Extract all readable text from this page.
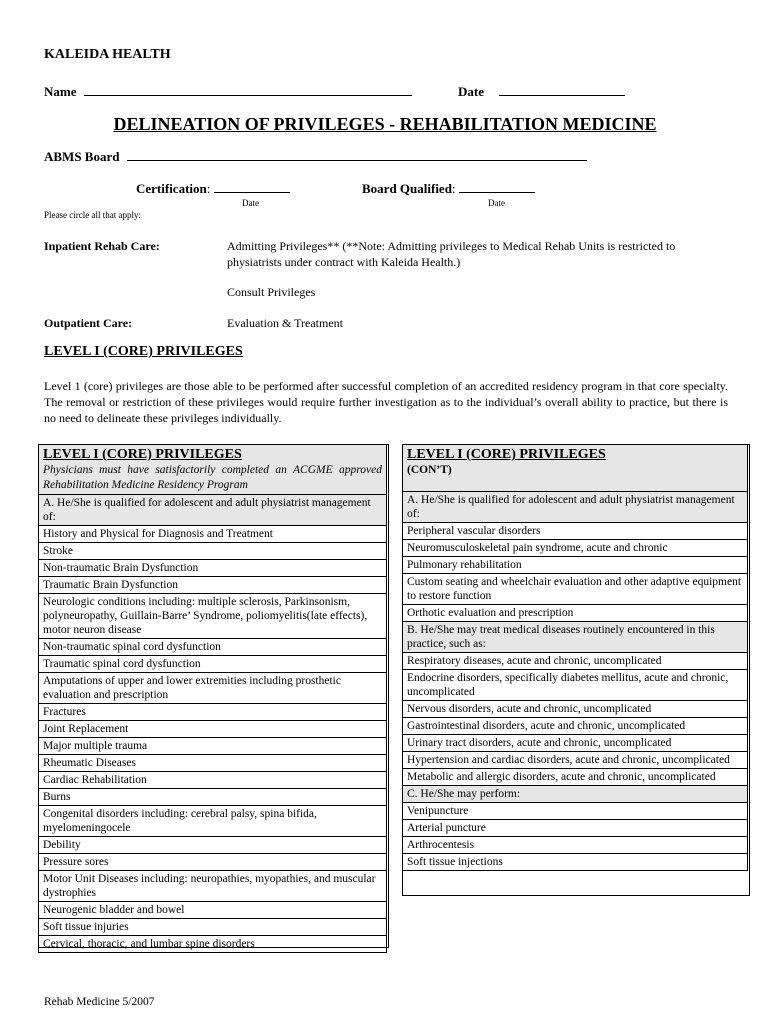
KALEIDA HEALTH
Name	Date
DELINEATION OF PRIVILEGES - REHABILITATION MEDICINE
ABMS Board
Certification:
Date
Board Qualified:
Date
Please circle all that apply:
Inpatient Rehab Care:	Admitting Privileges** (**Note: Admitting privileges to Medical Rehab Units is restricted to
physiatrists under contract with Kaleida Health.)
Consult Privileges
Outpatient Care:	Evaluation & Treatment
LEVEL I (CORE) PRIVILEGES
Level 1 (core) privileges are those able to be performed after successful completion of an accredited residency program in that core specialty. The removal or restriction of these privileges would require further investigation as to the individual’s overall ability to practice, but there is no need to delineate these privileges individually.
LEVEL I (CORE) PRIVILEGES
Physicians must have satisfactorily completed an ACGME approved Rehabilitation Medicine Residency Program

A. He/She is qualified for adolescent and adult physiatrist management of:
History and Physical for Diagnosis and Treatment
Stroke
Non-traumatic Brain Dysfunction
Traumatic Brain Dysfunction
Neurologic conditions including: multiple sclerosis, Parkinsonism, polyneuropathy, Guillain-Barre’ Syndrome, poliomyelitis(late effects), motor neuron disease
Non-traumatic spinal cord dysfunction
Traumatic spinal cord dysfunction
Amputations of upper and lower extremities including prosthetic evaluation and prescription
Fractures
Joint Replacement
Major multiple trauma
Rheumatic Diseases
Cardiac Rehabilitation
Burns
Congenital disorders including: cerebral palsy, spina bifida, myelomeningocele
Debility
Pressure sores
Motor Unit Diseases including: neuropathies, myopathies, and muscular dystrophies
Neurogenic bladder and bowel
Soft tissue injuries
Cervical, thoracic, and lumbar spine disorders
LEVEL I (CORE) PRIVILEGES
(CON’T)

A. He/She is qualified for adolescent and adult physiatrist management of:
Peripheral vascular disorders
Neuromusculoskeletal pain syndrome, acute and chronic
Pulmonary rehabilitation
Custom seating and wheelchair evaluation and other adaptive equipment to restore function
Orthotic evaluation and prescription
B. He/She may treat medical diseases routinely encountered in this practice, such as:
Respiratory diseases, acute and chronic, uncomplicated
Endocrine disorders, specifically diabetes mellitus, acute and chronic, uncomplicated
Nervous disorders, acute and chronic, uncomplicated
Gastrointestinal disorders, acute and chronic, uncomplicated
Urinary tract disorders, acute and chronic, uncomplicated
Hypertension and cardiac disorders, acute and chronic, uncomplicated
Metabolic and allergic disorders, acute and chronic, uncomplicated
C. He/She may perform:
Venipuncture
Arterial puncture
Arthrocentesis
Soft tissue injections
Rehab Medicine 5/2007
